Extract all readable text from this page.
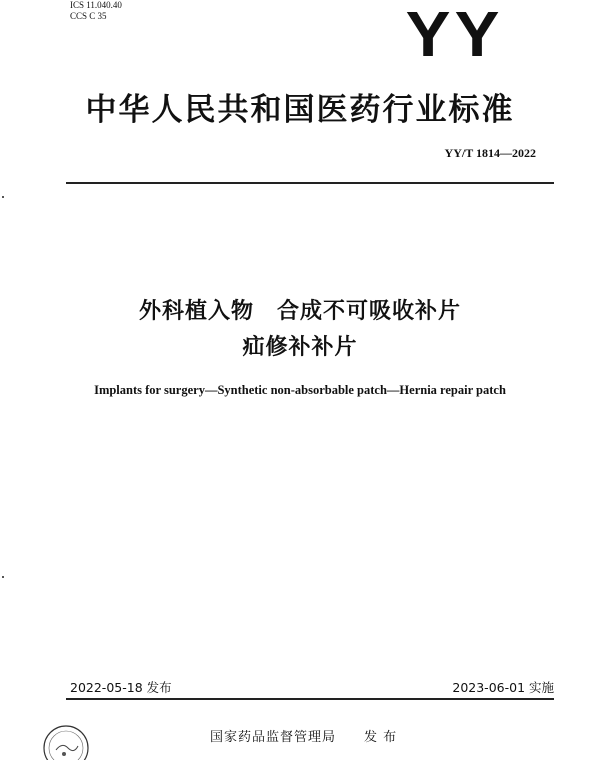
ICS 11.040.40
CCS C 35	YY
中华人民共和国医药行业标准
YY/T 1814—2022
外科植入物　合成不可吸收补片
疝修补补片
Implants for surgery—Synthetic non-absorbable patch—Hernia repair patch
2022-05-18 发布	2023-06-01 实施
国家药品监督管理局 发 布
